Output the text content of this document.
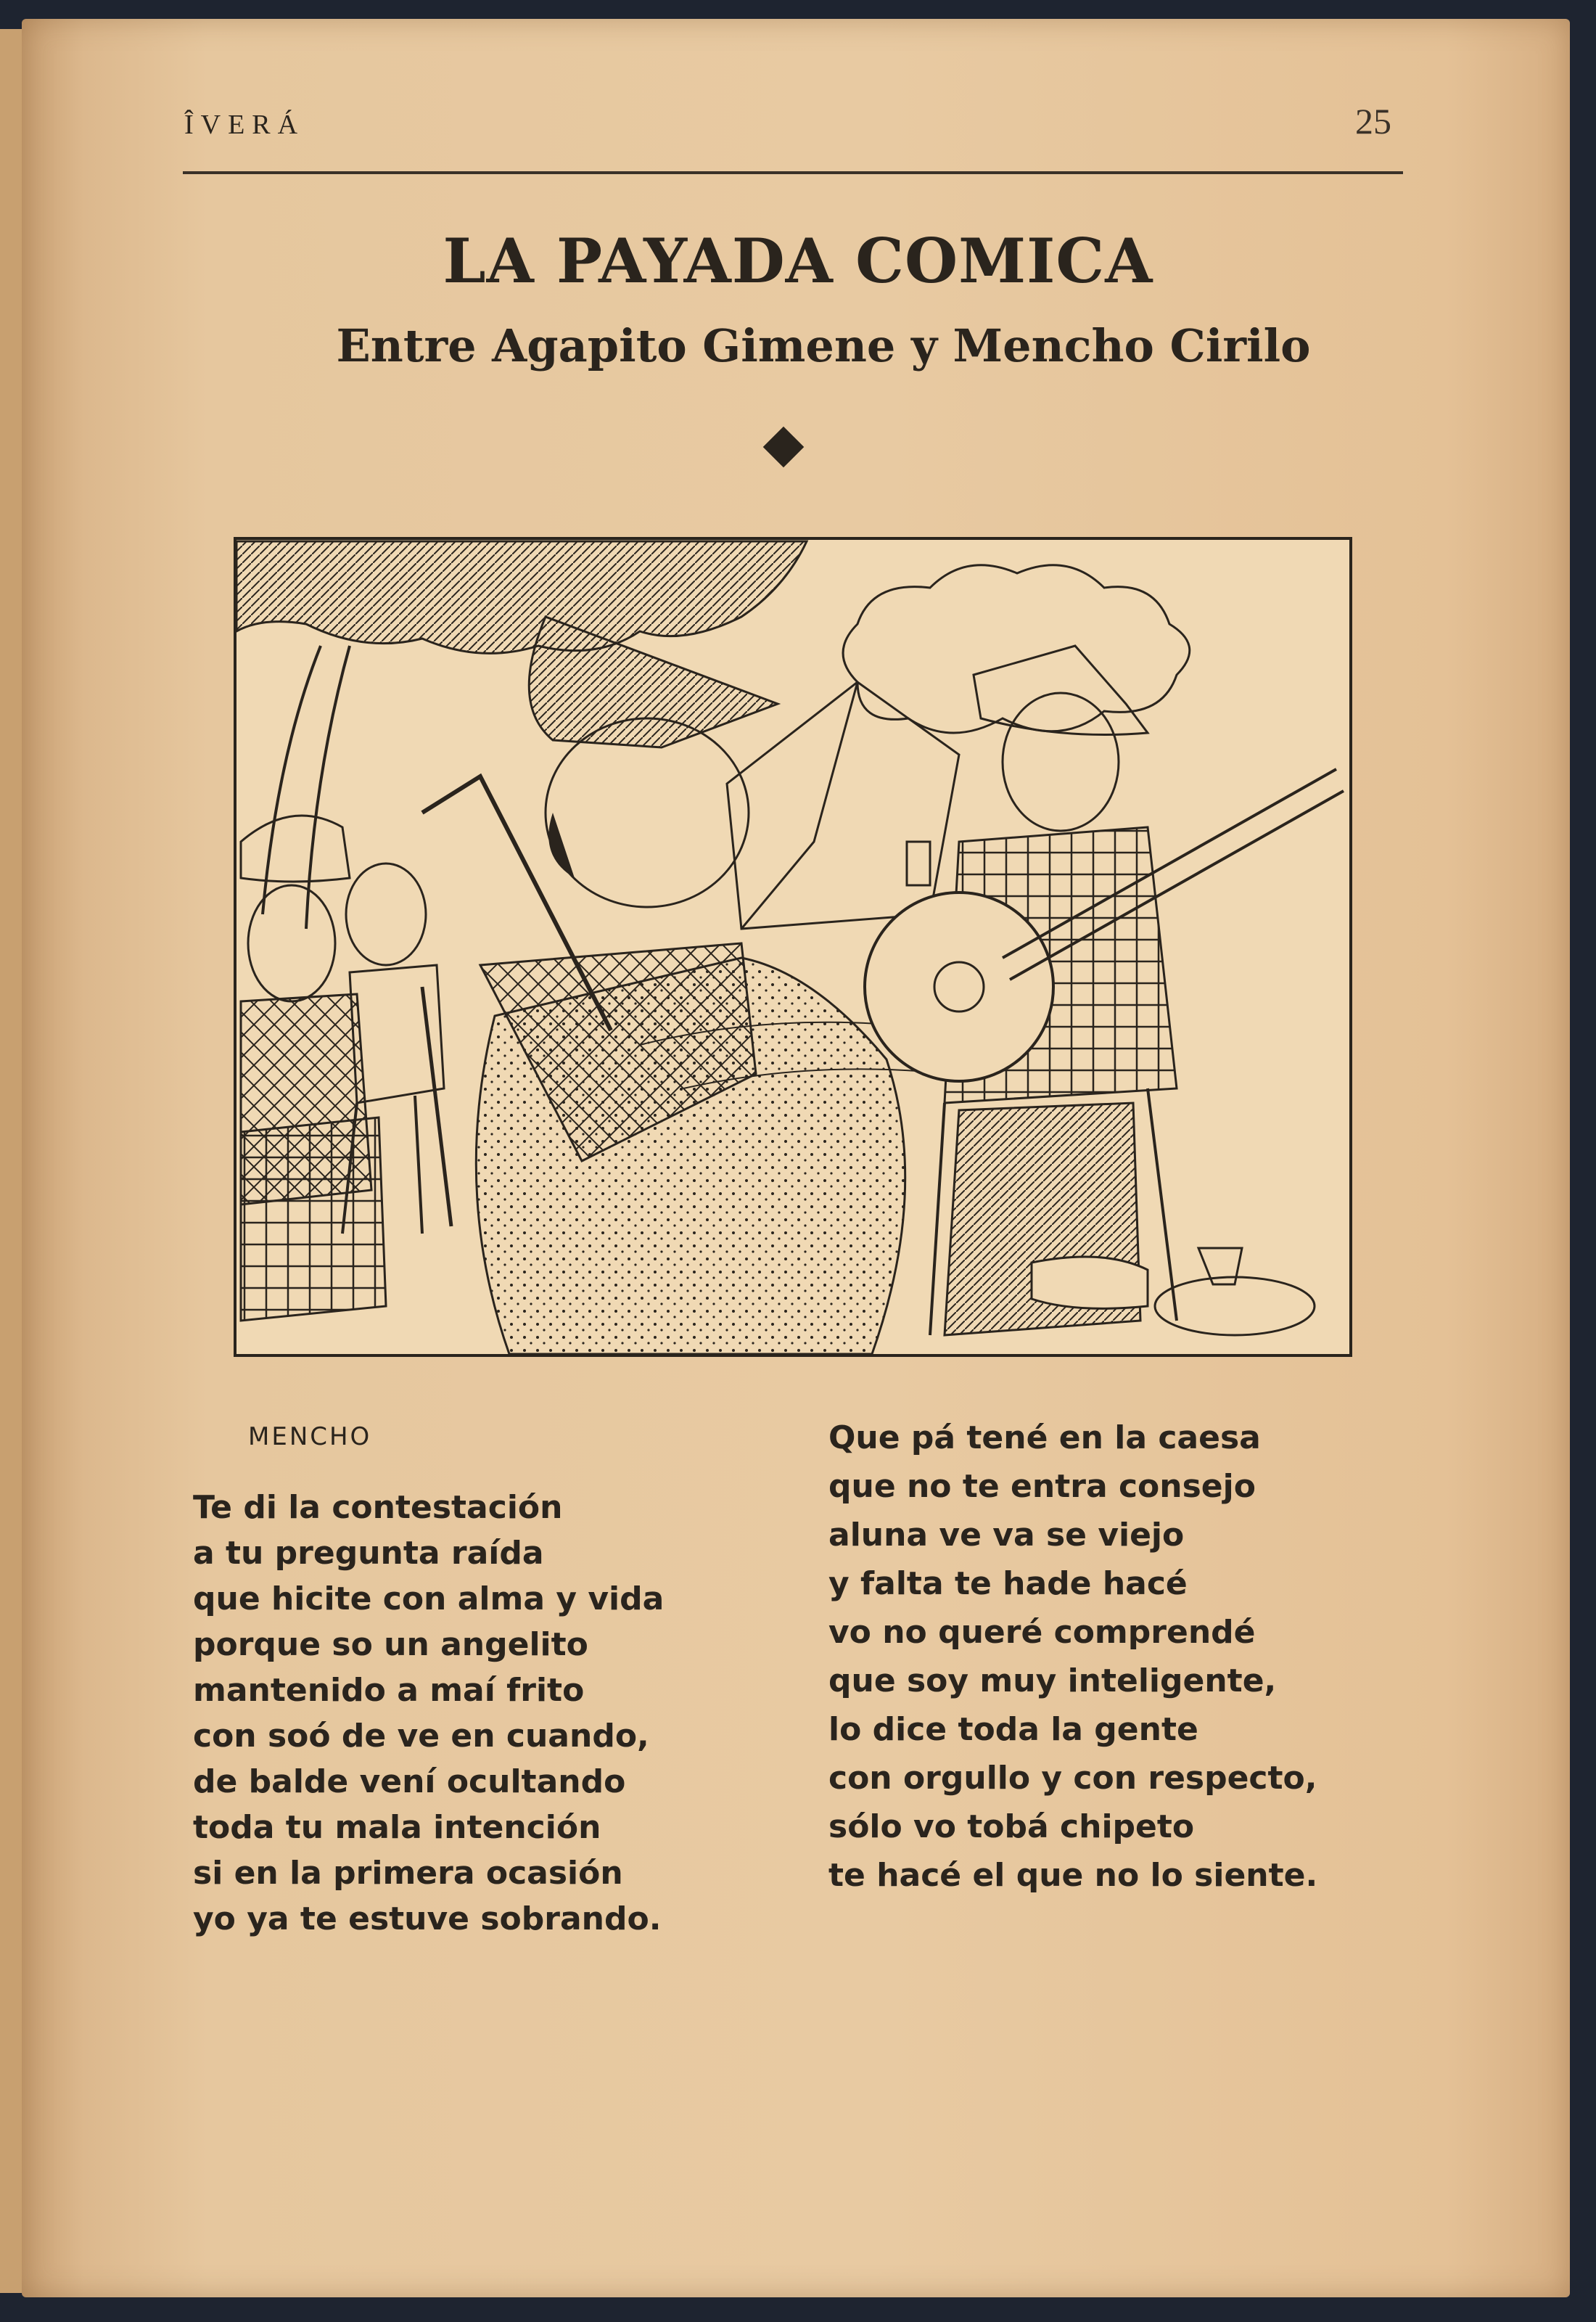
ÎVERÁ	25
LA PAYADA COMICA
Entre Agapito Gimene y Mencho Cirilo
MENCHO
Te di la contestación
a tu pregunta raída
que hicite con alma y vida
porque so un angelito
mantenido a maí frito
con soó de ve en cuando,
de balde vení ocultando
toda tu mala intención
si en la primera ocasión
yo ya te estuve sobrando.
Que pá tené en la caesa
que no te entra consejo
aluna ve va se viejo
y falta te hade hacé
vo no queré comprendé
que soy muy inteligente,
lo dice toda la gente
con orgullo y con respecto,
sólo vo tobá chipeto
te hacé el que no lo siente.
